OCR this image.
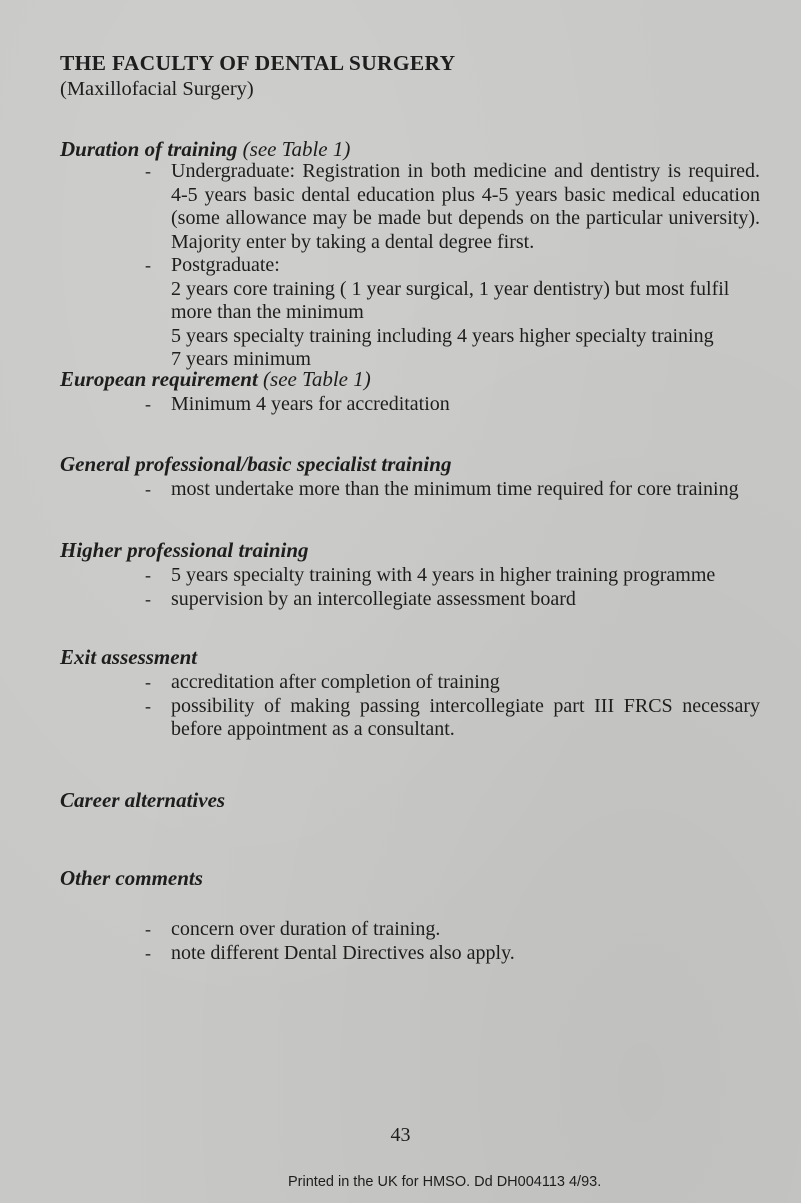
THE FACULTY OF DENTAL SURGERY
(Maxillofacial Surgery)
Duration of training (see Table 1)
- Undergraduate: Registration in both medicine and dentistry is required. 4-5 years basic dental education plus 4-5 years basic medical education (some allowance may be made but depends on the particular university). Majority enter by taking a dental degree first.
- Postgraduate:
2 years core training ( 1 year surgical, 1 year dentistry) but most fulfil more than the minimum
5 years specialty training including 4 years higher specialty training
7 years minimum
European requirement (see Table 1)
- Minimum 4 years for accreditation
General professional/basic specialist training
- most undertake more than the minimum time required for core training
Higher professional training
- 5 years specialty training with 4 years in higher training programme
- supervision by an intercollegiate assessment board
Exit assessment
- accreditation after completion of training
- possibility of making passing intercollegiate part III FRCS necessary before appointment as a consultant.
Career alternatives
Other comments
- concern over duration of training.
- note different Dental Directives also apply.
43
Printed in the UK for HMSO. Dd DH004113 4/93.
